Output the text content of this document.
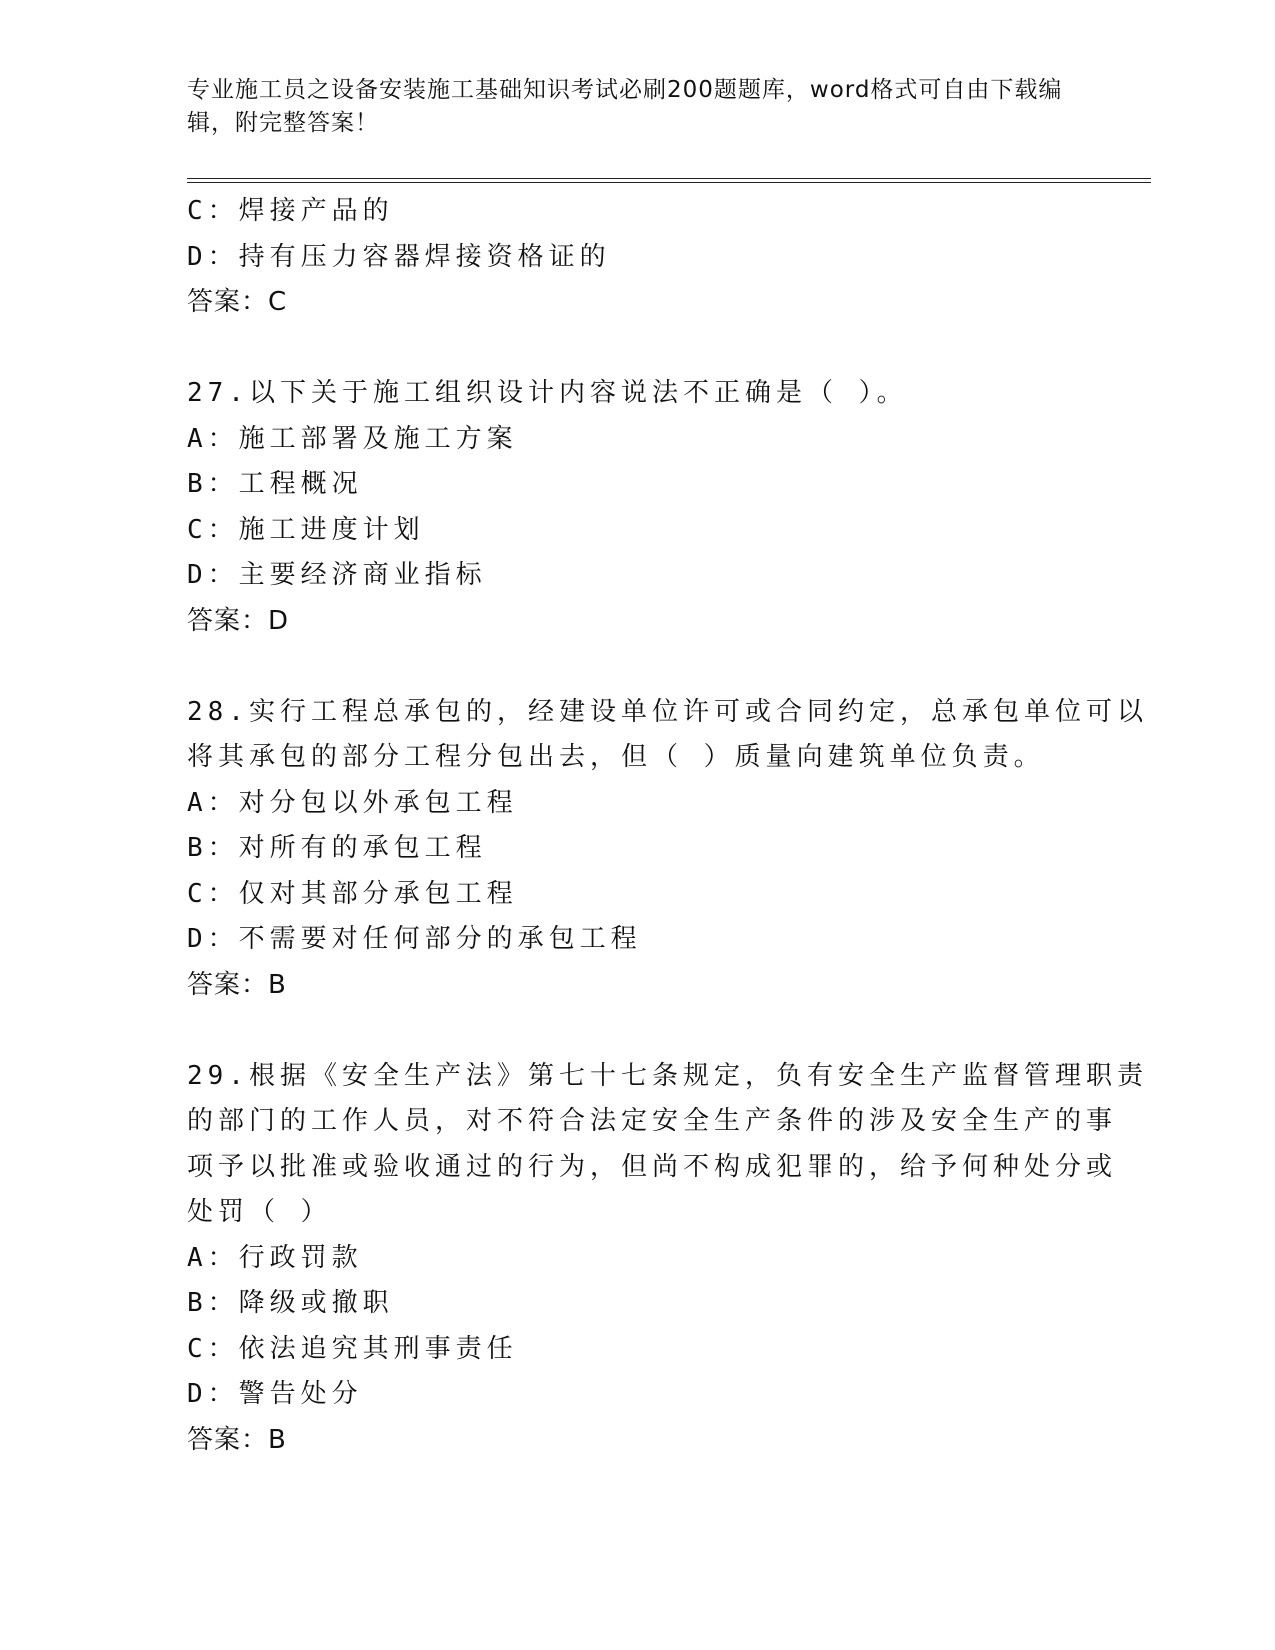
专业施工员之设备安装施工基础知识考试必刷200题题库，word格式可自由下载编辑，附完整答案！
C：焊接产品的
D：持有压力容器焊接资格证的
答案：C
27.以下关于施工组织设计内容说法不正确是（ ）。
A：施工部署及施工方案
B：工程概况
C：施工进度计划
D：主要经济商业指标
答案：D
28.实行工程总承包的，经建设单位许可或合同约定，总承包单位可以
将其承包的部分工程分包出去，但（ ）质量向建筑单位负责。
A：对分包以外承包工程
B：对所有的承包工程
C：仅对其部分承包工程
D：不需要对任何部分的承包工程
答案：B
29.根据《安全生产法》第七十七条规定，负有安全生产监督管理职责
的部门的工作人员，对不符合法定安全生产条件的涉及安全生产的事
项予以批准或验收通过的行为，但尚不构成犯罪的，给予何种处分或
处罚（ ）
A：行政罚款
B：降级或撤职
C：依法追究其刑事责任
D：警告处分
答案：B
